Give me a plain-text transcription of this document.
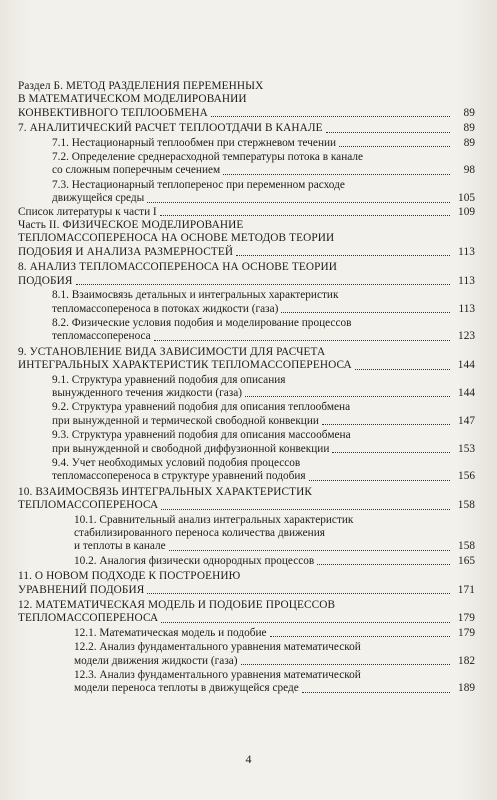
Раздел Б. МЕТОД РАЗДЕЛЕНИЯ ПЕРЕМЕННЫХ
В МАТЕМАТИЧЕСКОМ МОДЕЛИРОВАНИИ
КОНВЕКТИВНОГО ТЕПЛООБМЕНА	89
7. АНАЛИТИЧЕСКИЙ РАСЧЕТ ТЕПЛООТДАЧИ В КАНАЛЕ	89
7.1. Нестационарный теплообмен при стержневом течении	89
7.2. Определение среднерасходной температуры потока в канале
со сложным поперечным сечением	98
7.3. Нестационарный теплоперенос при переменном расходе
движущейся среды	105
Список литературы к части I	109
Часть II. ФИЗИЧЕСКОЕ МОДЕЛИРОВАНИЕ
ТЕПЛОМАССОПЕРЕНОСА НА ОСНОВЕ МЕТОДОВ ТЕОРИИ
ПОДОБИЯ И АНАЛИЗА РАЗМЕРНОСТЕЙ	113
8. АНАЛИЗ ТЕПЛОМАССОПЕРЕНОСА НА ОСНОВЕ ТЕОРИИ
ПОДОБИЯ	113
8.1. Взаимосвязь детальных и интегральных характеристик
тепломассопереноса в потоках жидкости (газа)	113
8.2. Физические условия подобия и моделирование процессов
тепломассопереноса	123
9. УСТАНОВЛЕНИЕ ВИДА ЗАВИСИМОСТИ ДЛЯ РАСЧЕТА
ИНТЕГРАЛЬНЫХ ХАРАКТЕРИСТИК ТЕПЛОМАССОПЕРЕНОСА	144
9.1. Структура уравнений подобия для описания
вынужденного течения жидкости (газа)	144
9.2. Структура уравнений подобия для описания теплообмена
при вынужденной и термической свободной конвекции	147
9.3. Структура уравнений подобия для описания массообмена
при вынужденной и свободной диффузионной конвекции	153
9.4. Учет необходимых условий подобия процессов
тепломассопереноса в структуре уравнений подобия	156
10. ВЗАИМОСВЯЗЬ ИНТЕГРАЛЬНЫХ ХАРАКТЕРИСТИК
ТЕПЛОМАССОПЕРЕНОСА	158
10.1. Сравнительный анализ интегральных характеристик
стабилизированного переноса количества движения
и теплоты в канале	158
10.2. Аналогия физически однородных процессов	165
11. О НОВОМ ПОДХОДЕ К ПОСТРОЕНИЮ
УРАВНЕНИЙ ПОДОБИЯ	171
12. МАТЕМАТИЧЕСКАЯ МОДЕЛЬ И ПОДОБИЕ ПРОЦЕССОВ
ТЕПЛОМАССОПЕРЕНОСА	179
12.1. Математическая модель и подобие	179
12.2. Анализ фундаментального уравнения математической
модели движения жидкости (газа)	182
12.3. Анализ фундаментального уравнения математической
модели переноса теплоты в движущейся среде	189
4
